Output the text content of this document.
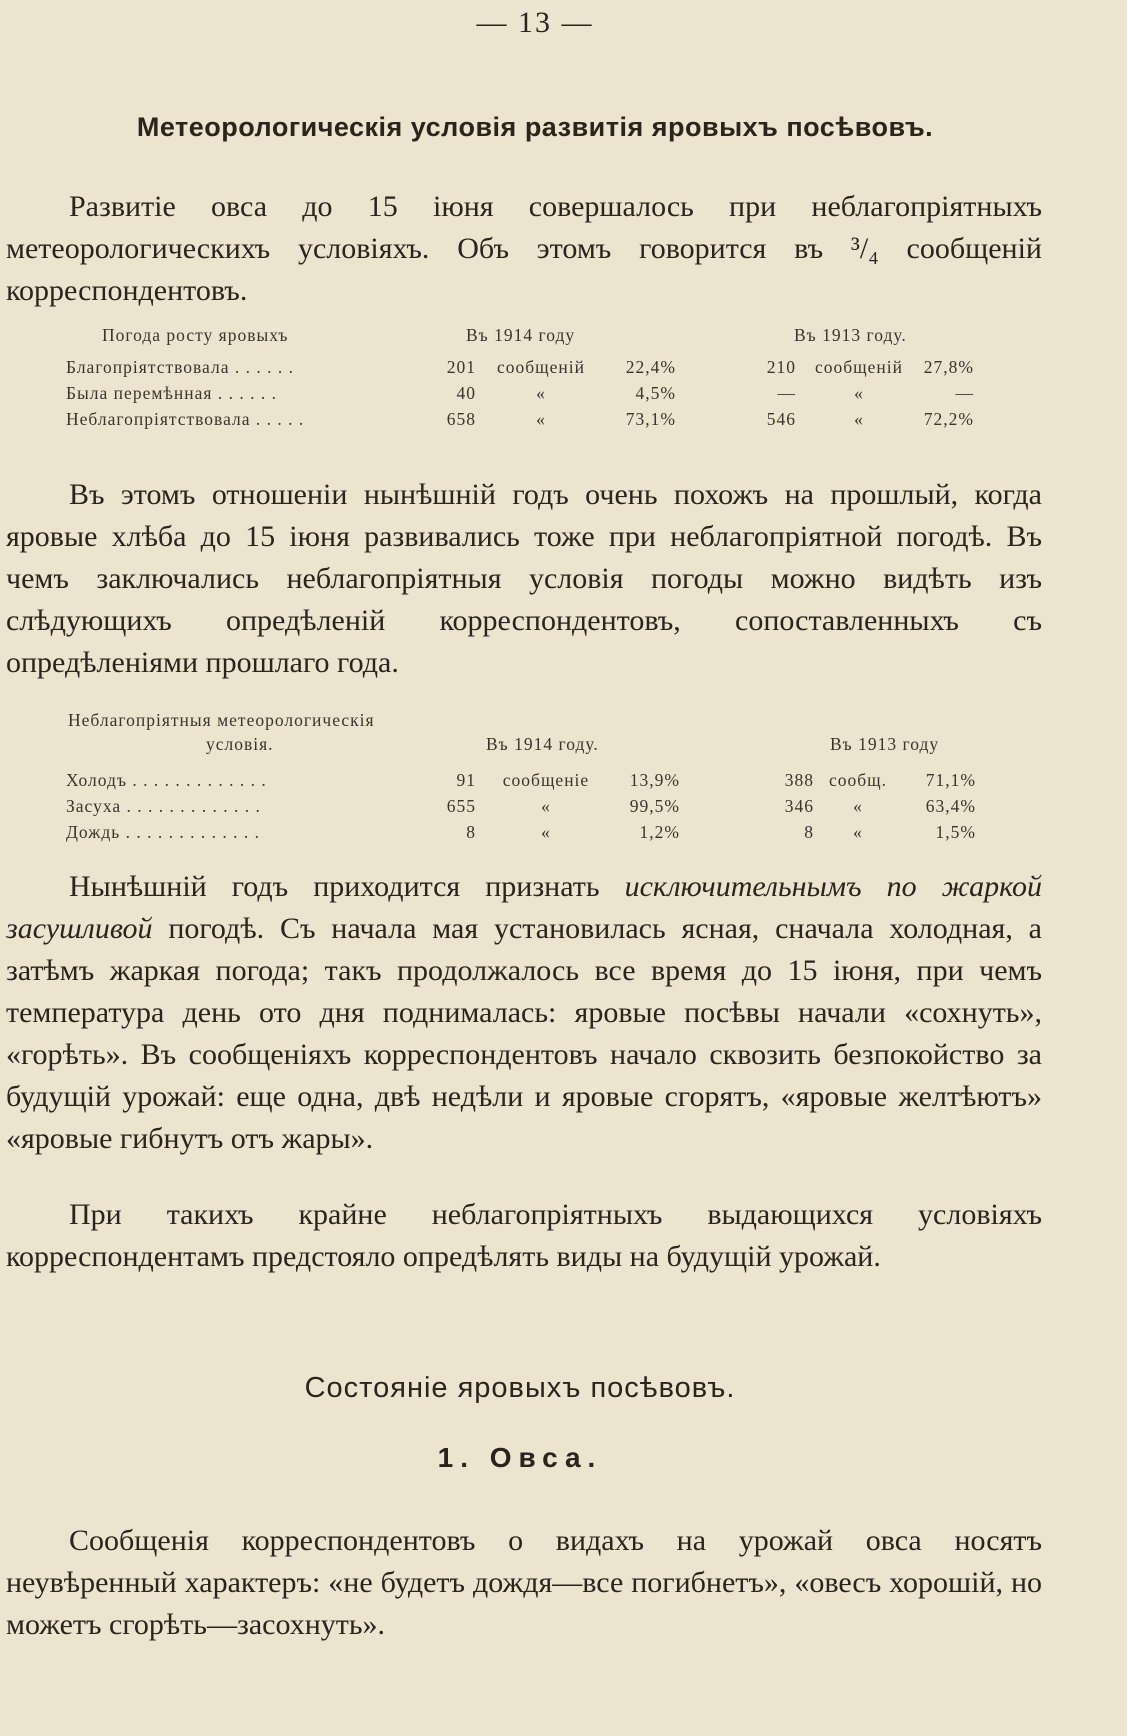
— 13 —
Метеорологическія условія развитія яровыхъ посѣвовъ.

Развитіе овса до 15 іюня совершалось при неблагопріятныхъ метеорологическихъ условіяхъ. Объ этомъ говорится въ ³/₄ сообщеній корреспондентовъ.

Погода росту яровыхъ	Въ 1914 году	Въ 1913 году.
Благопріятствовала . . . . . .	201	сообщеній	22,4%	210	сообщеній	27,8%
Была перемѣнная . . . . . .	40	«	4,5%	—	«	—
Неблагопріятствовала . . . . .	658	«	73,1%	546	«	72,2%

Въ этомъ отношеніи нынѣшній годъ очень похожъ на прошлый, когда яровые хлѣба до 15 іюня развивались тоже при неблагопріятной погодѣ. Въ чемъ заключались неблагопріятныя условія погоды можно видѣть изъ слѣдующихъ опредѣленій корреспондентовъ, сопоставленныхъ съ опредѣленіями прошлаго года.

Неблагопріятныя метеорологическія
условія.	Въ 1914 году.	Въ 1913 году
Холодъ . . . . . . . . . . . . .	91	сообщеніе	13,9%	388 сообщ.	71,1%
Засуха . . . . . . . . . . . . .	655	«	99,5%	346	«	63,4%
Дождь . . . . . . . . . . . . .	8	«	1,2%	8	«	1,5%

Нынѣшній годъ приходится признать исключительнымъ по жаркой засушливой погодѣ. Съ начала мая установилась ясная, сначала холодная, а затѣмъ жаркая погода; такъ продолжалось все время до 15 іюня, при чемъ температура день ото дня поднималась: яровые посѣвы начали «сохнуть», «горѣть». Въ сообщеніяхъ корреспондентовъ начало сквозить безпокойство за будущій урожай: еще одна, двѣ недѣли и яровые сгорятъ, «яровые желтѣютъ» «яровые гибнутъ отъ жары».

При такихъ крайне неблагопріятныхъ выдающихся условіяхъ корреспондентамъ предстояло опредѣлять виды на будущій урожай.

Состояніе яровыхъ посѣвовъ.
1. Овса.

Сообщенія корреспондентовъ о видахъ на урожай овса носятъ неувѣренный характеръ: «не будетъ дождя—все погибнетъ», «овесъ хорошій, но можетъ сгорѣть—засохнуть».
